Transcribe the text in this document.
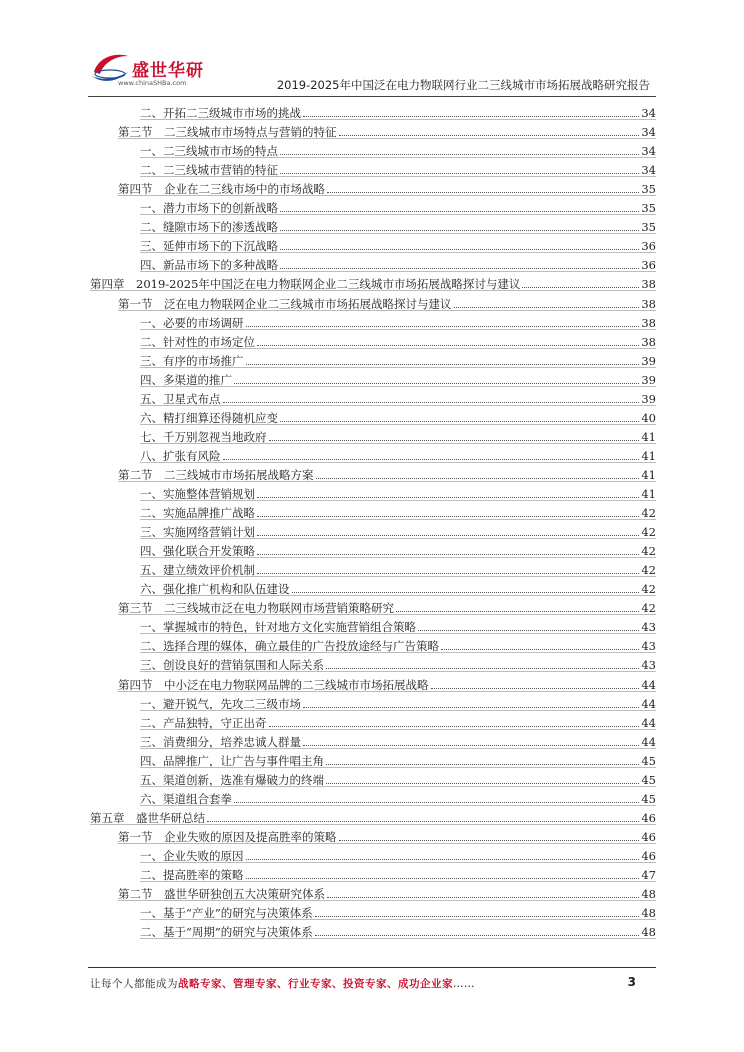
盛世华研
www.chinaSHBa.com	2019-2025年中国泛在电力物联网行业二三线城市市场拓展战略研究报告
二、开拓二三级城市市场的挑战	34
第三节　二三线城市市场特点与营销的特征	34
一、二三线城市市场的特点	34
二、二三线城市营销的特征	34
第四节　企业在二三线市场中的市场战略	35
一、潜力市场下的创新战略	35
二、缝隙市场下的渗透战略	35
三、延伸市场下的下沉战略	36
四、新品市场下的多种战略	36
第四章　2019-2025年中国泛在电力物联网企业二三线城市市场拓展战略探讨与建议	38
第一节　泛在电力物联网企业二三线城市市场拓展战略探讨与建议	38
一、必要的市场调研	38
二、针对性的市场定位	38
三、有序的市场推广	39
四、多渠道的推广	39
五、卫星式布点	39
六、精打细算还得随机应变	40
七、千万别忽视当地政府	41
八、扩张有风险	41
第二节　二三线城市市场拓展战略方案	41
一、实施整体营销规划	41
二、实施品牌推广战略	42
三、实施网络营销计划	42
四、强化联合开发策略	42
五、建立绩效评价机制	42
六、强化推广机构和队伍建设	42
第三节　二三线城市泛在电力物联网市场营销策略研究	42
一、掌握城市的特色，针对地方文化实施营销组合策略	43
二、选择合理的媒体，确立最佳的广告投放途经与广告策略	43
三、创设良好的营销氛围和人际关系	43
第四节　中小泛在电力物联网品牌的二三线城市市场拓展战略	44
一、避开锐气，先攻二三级市场	44
二、产品独特，守正出奇	44
三、消费细分，培养忠诚人群量	44
四、品牌推广，让广告与事件唱主角	45
五、渠道创新，选准有爆破力的终端	45
六、渠道组合套拳	45
第五章　盛世华研总结	46
第一节　企业失败的原因及提高胜率的策略	46
一、企业失败的原因	46
二、提高胜率的策略	47
第二节　盛世华研独创五大决策研究体系	48
一、基于“产业”的研究与决策体系	48
二、基于“周期”的研究与决策体系	48
让每个人都能成为战略专家、管理专家、行业专家、投资专家、成功企业家……	3
